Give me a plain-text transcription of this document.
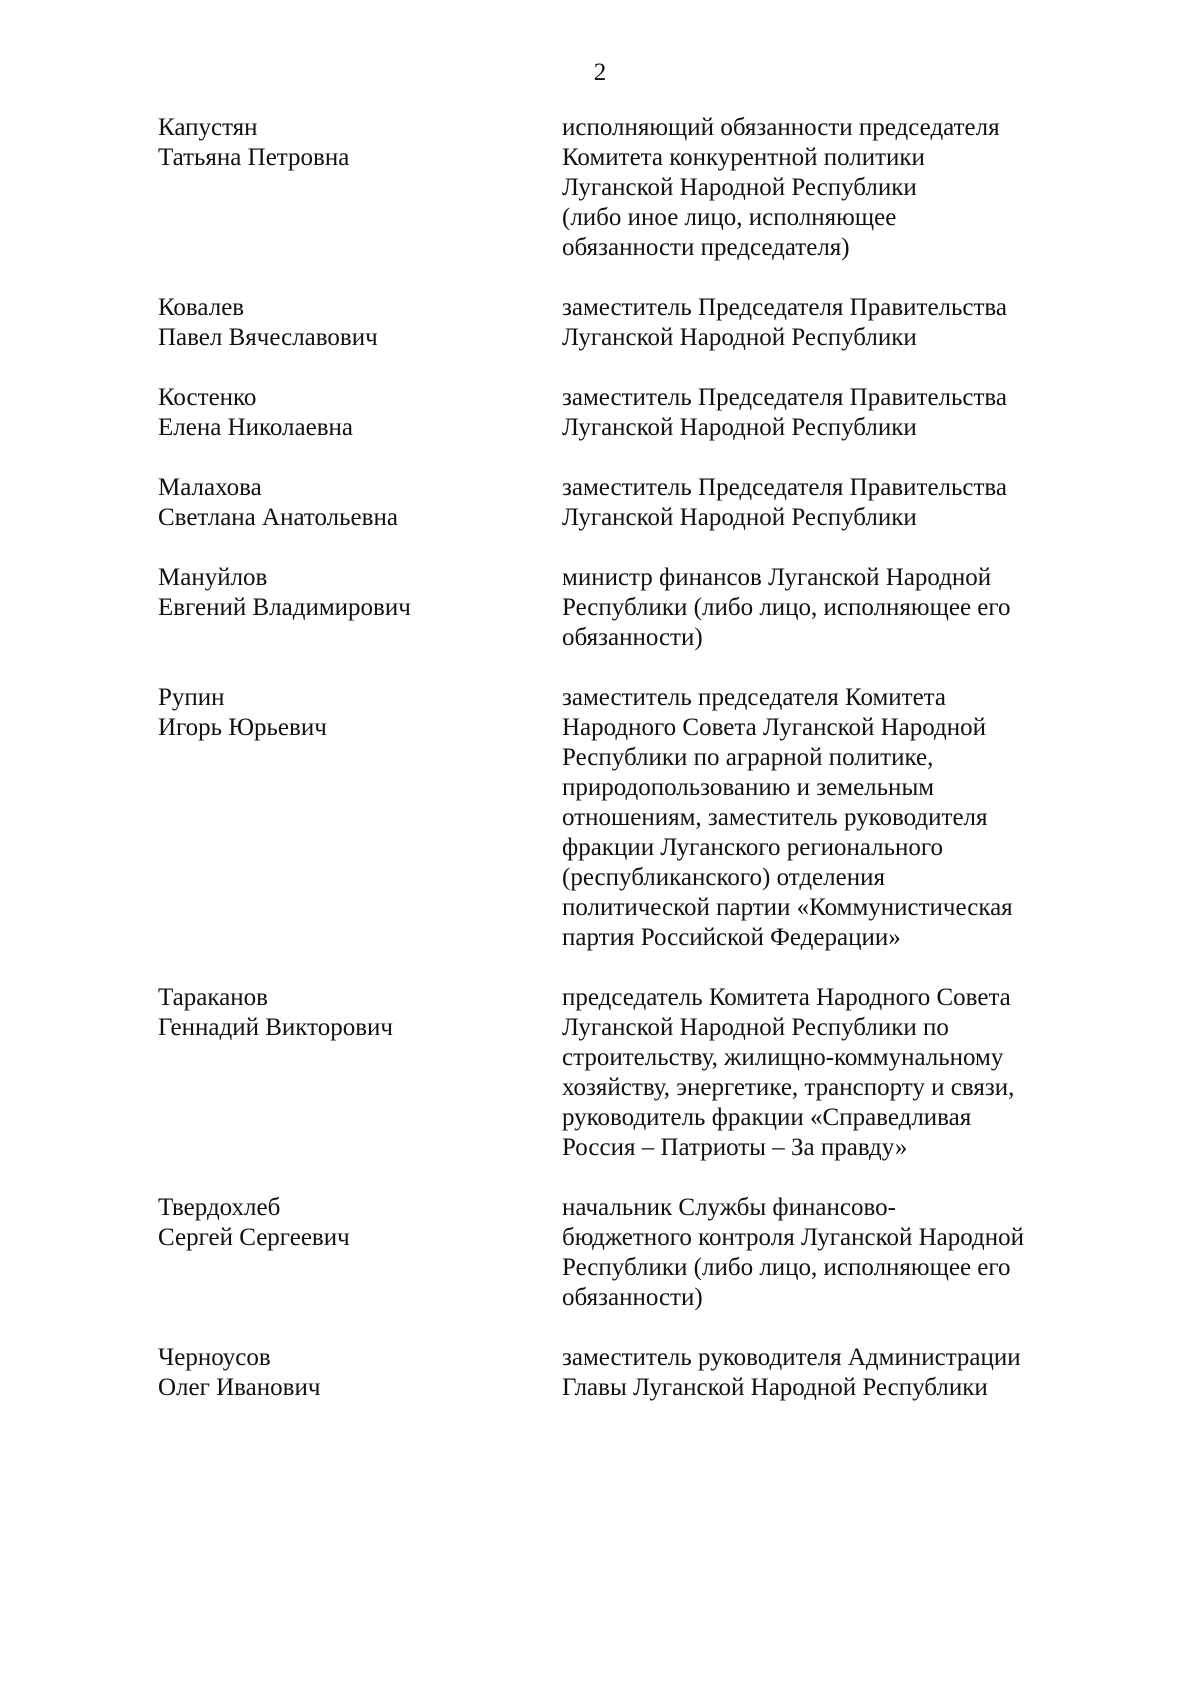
2
Капустян
Татьяна Петровна
исполняющий обязанности председателя
Комитета конкурентной политики
Луганской Народной Республики
(либо иное лицо, исполняющее
обязанности председателя)
Ковалев
Павел Вячеславович
заместитель Председателя Правительства
Луганской Народной Республики
Костенко
Елена Николаевна
заместитель Председателя Правительства
Луганской Народной Республики
Малахова
Светлана Анатольевна
заместитель Председателя Правительства
Луганской Народной Республики
Мануйлов
Евгений Владимирович
министр финансов Луганской Народной
Республики (либо лицо, исполняющее его
обязанности)
Рупин
Игорь Юрьевич
заместитель председателя Комитета
Народного Совета Луганской Народной
Республики по аграрной политике,
природопользованию и земельным
отношениям, заместитель руководителя
фракции Луганского регионального
(республиканского) отделения
политической партии «Коммунистическая
партия Российской Федерации»
Тараканов
Геннадий Викторович
председатель Комитета Народного Совета
Луганской Народной Республики по
строительству, жилищно-коммунальному
хозяйству, энергетике, транспорту и связи,
руководитель фракции «Справедливая
Россия – Патриоты – За правду»
Твердохлеб
Сергей Сергеевич
начальник Службы финансово-
бюджетного контроля Луганской Народной
Республики (либо лицо, исполняющее его
обязанности)
Черноусов
Олег Иванович
заместитель руководителя Администрации
Главы Луганской Народной Республики
